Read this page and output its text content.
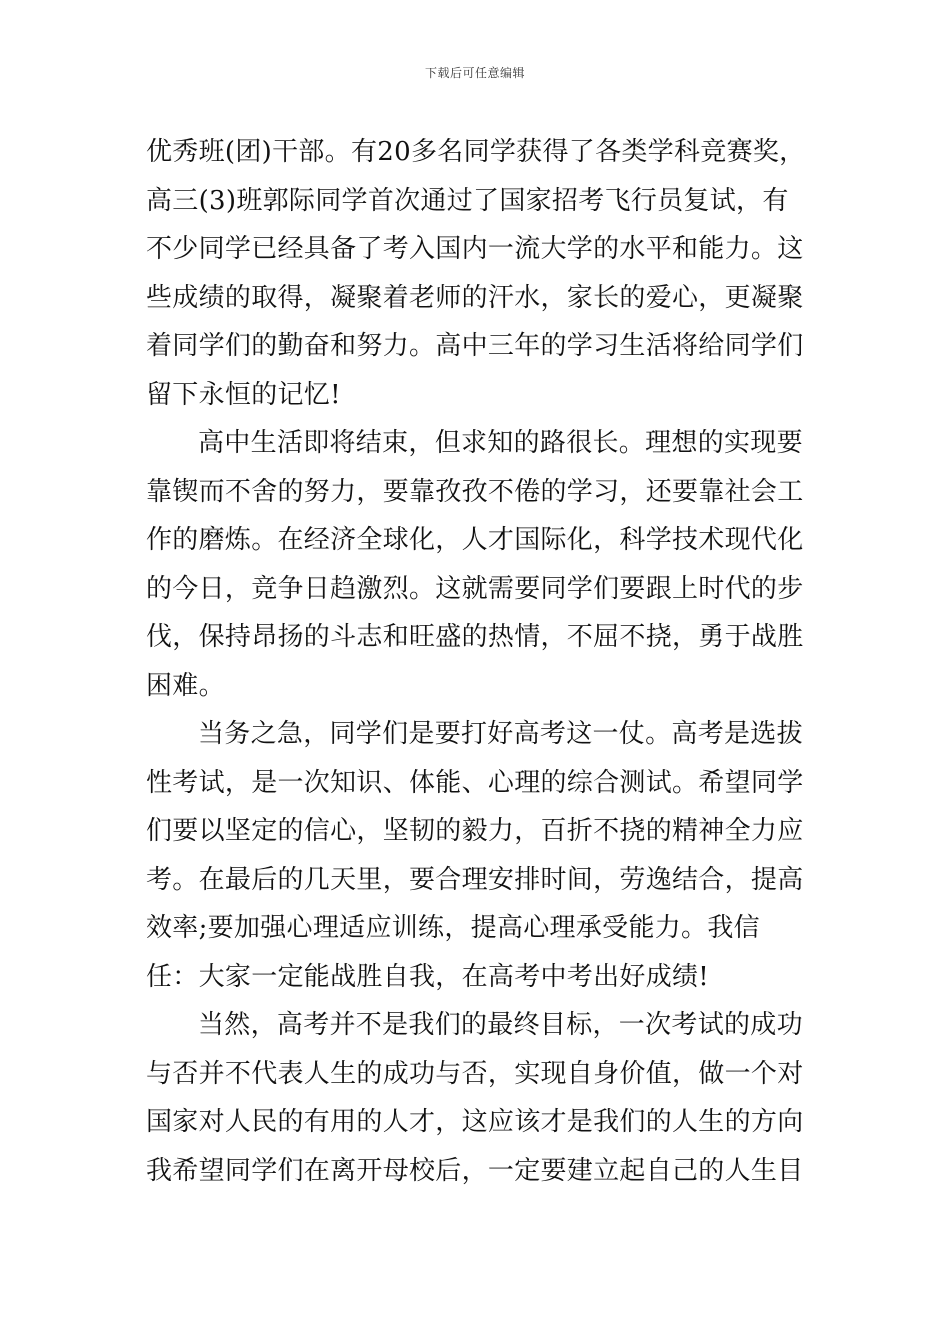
下载后可任意编辑

优秀班(团)干部。有20多名同学获得了各类学科竞赛奖，高三(3)班郭际同学首次通过了国家招考飞行员复试，有不少同学已经具备了考入国内一流大学的水平和能力。这些成绩的取得，凝聚着老师的汗水，家长的爱心，更凝聚着同学们的勤奋和努力。高中三年的学习生活将给同学们留下永恒的记忆!

高中生活即将结束，但求知的路很长。理想的实现要靠锲而不舍的努力，要靠孜孜不倦的学习，还要靠社会工作的磨炼。在经济全球化，人才国际化，科学技术现代化的今日，竞争日趋激烈。这就需要同学们要跟上时代的步伐，保持昂扬的斗志和旺盛的热情，不屈不挠，勇于战胜困难。

当务之急，同学们是要打好高考这一仗。高考是选拔性考试，是一次知识、体能、心理的综合测试。希望同学们要以坚定的信心，坚韧的毅力，百折不挠的精神全力应考。在最后的几天里，要合理安排时间，劳逸结合，提高效率;要加强心理适应训练，提高心理承受能力。我信任：大家一定能战胜自我，在高考中考出好成绩!

当然，高考并不是我们的最终目标，一次考试的成功与否并不代表人生的成功与否，实现自身价值，做一个对国家对人民的有用的人才，这应该才是我们的人生的方向我希望同学们在离开母校后，一定要建立起自己的人生目
